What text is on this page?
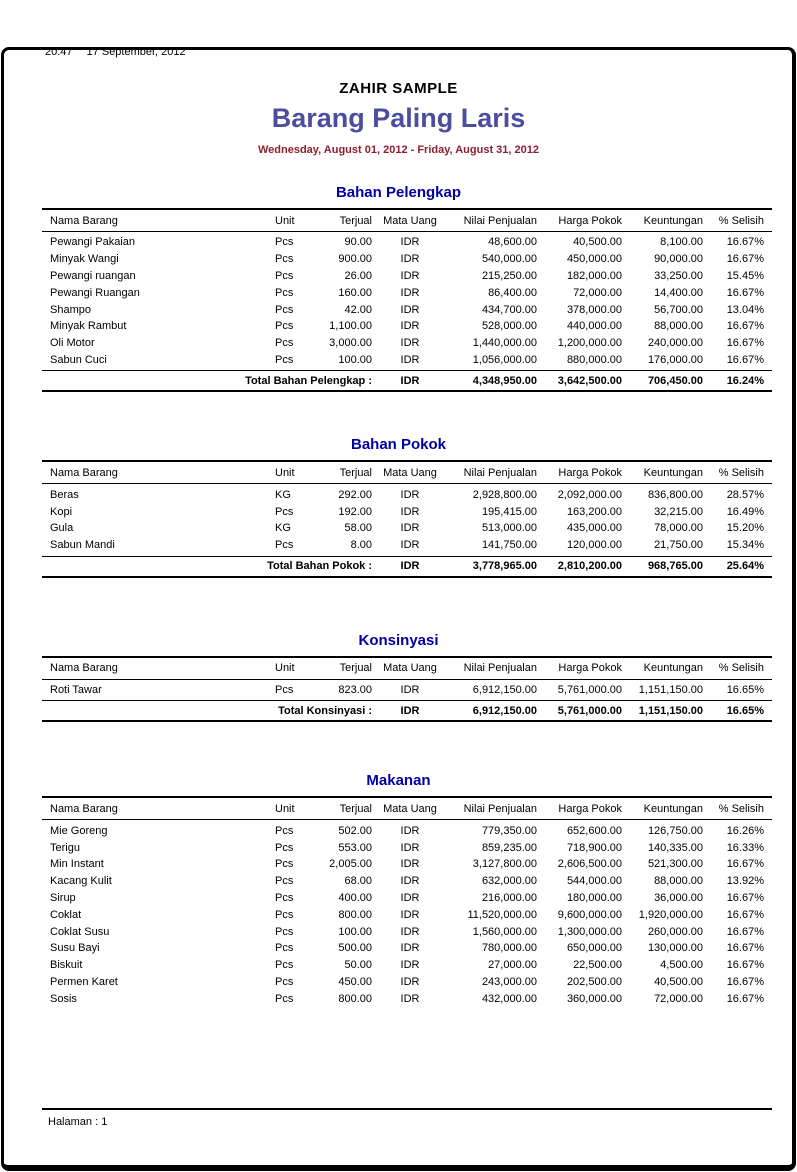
20:47 17 September, 2012
ZAHIR SAMPLE
Barang Paling Laris
Wednesday, August 01, 2012 - Friday, August 31, 2012
Bahan Pelengkap
Nama Barang	Unit	Terjual	Mata Uang	Nilai Penjualan	Harga Pokok	Keuntungan	% Selisih
Pewangi Pakaian	Pcs	90.00	IDR	48,600.00	40,500.00	8,100.00	16.67%
Minyak Wangi	Pcs	900.00	IDR	540,000.00	450,000.00	90,000.00	16.67%
Pewangi ruangan	Pcs	26.00	IDR	215,250.00	182,000.00	33,250.00	15.45%
Pewangi Ruangan	Pcs	160.00	IDR	86,400.00	72,000.00	14,400.00	16.67%
Shampo	Pcs	42.00	IDR	434,700.00	378,000.00	56,700.00	13.04%
Minyak Rambut	Pcs	1,100.00	IDR	528,000.00	440,000.00	88,000.00	16.67%
Oli Motor	Pcs	3,000.00	IDR	1,440,000.00	1,200,000.00	240,000.00	16.67%
Sabun Cuci	Pcs	100.00	IDR	1,056,000.00	880,000.00	176,000.00	16.67%
Total Bahan Pelengkap :	IDR	4,348,950.00	3,642,500.00	706,450.00	16.24%
Bahan Pokok
Nama Barang	Unit	Terjual	Mata Uang	Nilai Penjualan	Harga Pokok	Keuntungan	% Selisih
Beras	KG	292.00	IDR	2,928,800.00	2,092,000.00	836,800.00	28.57%
Kopi	Pcs	192.00	IDR	195,415.00	163,200.00	32,215.00	16.49%
Gula	KG	58.00	IDR	513,000.00	435,000.00	78,000.00	15.20%
Sabun Mandi	Pcs	8.00	IDR	141,750.00	120,000.00	21,750.00	15.34%
Total Bahan Pokok :	IDR	3,778,965.00	2,810,200.00	968,765.00	25.64%
Konsinyasi
Nama Barang	Unit	Terjual	Mata Uang	Nilai Penjualan	Harga Pokok	Keuntungan	% Selisih
Roti Tawar	Pcs	823.00	IDR	6,912,150.00	5,761,000.00	1,151,150.00	16.65%
Total Konsinyasi :	IDR	6,912,150.00	5,761,000.00	1,151,150.00	16.65%
Makanan
Nama Barang	Unit	Terjual	Mata Uang	Nilai Penjualan	Harga Pokok	Keuntungan	% Selisih
Mie Goreng	Pcs	502.00	IDR	779,350.00	652,600.00	126,750.00	16.26%
Terigu	Pcs	553.00	IDR	859,235.00	718,900.00	140,335.00	16.33%
Min Instant	Pcs	2,005.00	IDR	3,127,800.00	2,606,500.00	521,300.00	16.67%
Kacang Kulit	Pcs	68.00	IDR	632,000.00	544,000.00	88,000.00	13.92%
Sirup	Pcs	400.00	IDR	216,000.00	180,000.00	36,000.00	16.67%
Coklat	Pcs	800.00	IDR	11,520,000.00	9,600,000.00	1,920,000.00	16.67%
Coklat Susu	Pcs	100.00	IDR	1,560,000.00	1,300,000.00	260,000.00	16.67%
Susu Bayi	Pcs	500.00	IDR	780,000.00	650,000.00	130,000.00	16.67%
Biskuit	Pcs	50.00	IDR	27,000.00	22,500.00	4,500.00	16.67%
Permen Karet	Pcs	450.00	IDR	243,000.00	202,500.00	40,500.00	16.67%
Sosis	Pcs	800.00	IDR	432,000.00	360,000.00	72,000.00	16.67%
Halaman : 1
